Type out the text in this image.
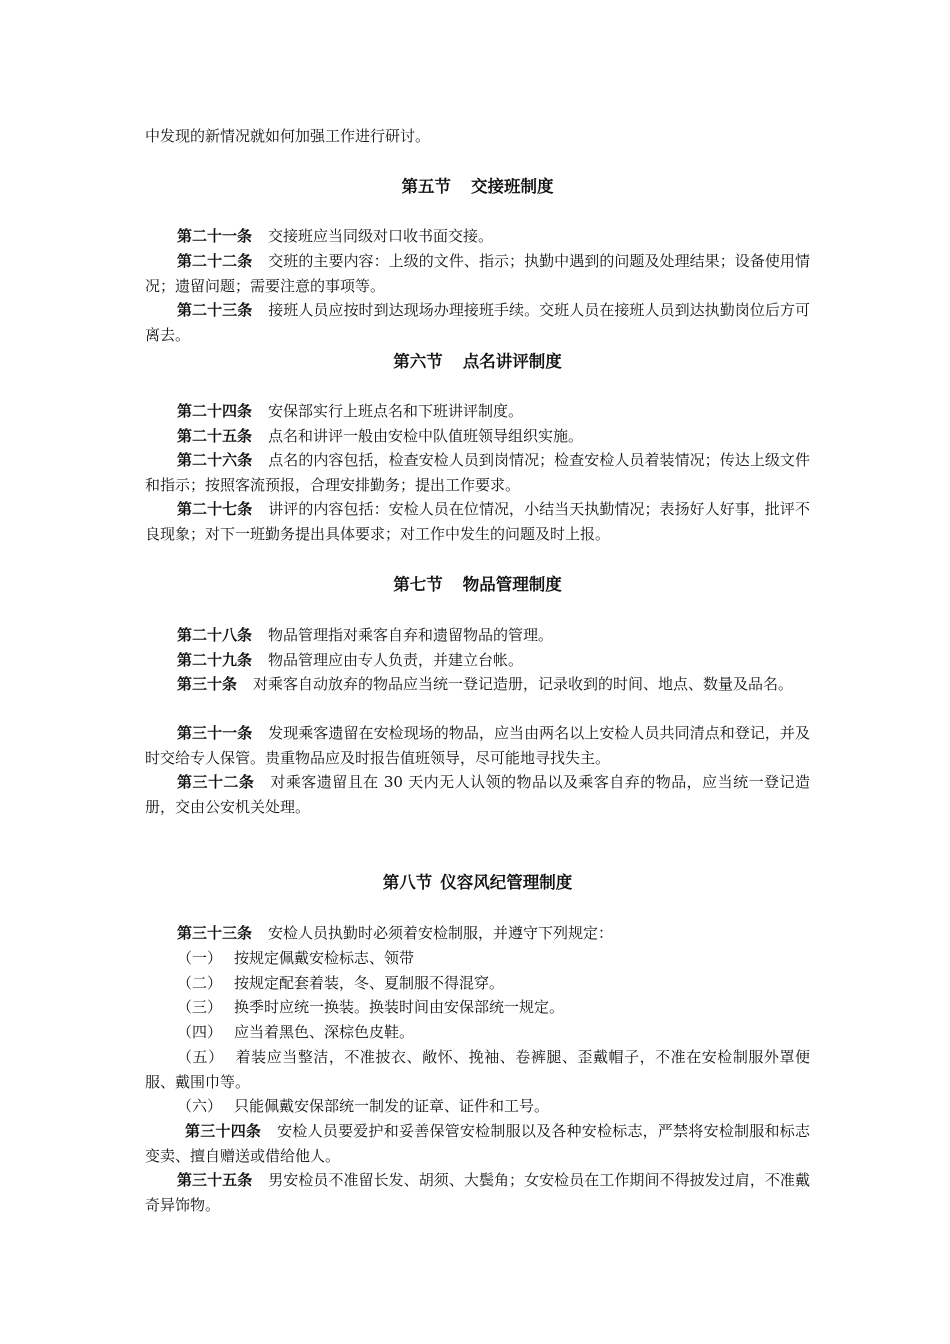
中发现的新情况就如何加强工作进行研讨。

第五节 交接班制度

第二十一条 交接班应当同级对口收书面交接。

第二十二条 交班的主要内容：上级的文件、指示；执勤中遇到的问题及处理结果；设备使用情况；遗留问题；需要注意的事项等。

第二十三条 接班人员应按时到达现场办理接班手续。交班人员在接班人员到达执勤岗位后方可离去。

第六节 点名讲评制度

第二十四条 安保部实行上班点名和下班讲评制度。

第二十五条 点名和讲评一般由安检中队值班领导组织实施。

第二十六条 点名的内容包括，检查安检人员到岗情况；检查安检人员着装情况；传达上级文件和指示；按照客流预报，合理安排勤务；提出工作要求。

第二十七条 讲评的内容包括：安检人员在位情况，小结当天执勤情况；表扬好人好事，批评不良现象；对下一班勤务提出具体要求；对工作中发生的问题及时上报。

第七节 物品管理制度

第二十八条 物品管理指对乘客自弃和遗留物品的管理。

第二十九条 物品管理应由专人负责，并建立台帐。

第三十条 对乘客自动放弃的物品应当统一登记造册，记录收到的时间、地点、数量及品名。

第三十一条 发现乘客遗留在安检现场的物品，应当由两名以上安检人员共同清点和登记，并及时交给专人保管。贵重物品应及时报告值班领导，尽可能地寻找失主。

第三十二条 对乘客遗留且在 30 天内无人认领的物品以及乘客自弃的物品，应当统一登记造册，交由公安机关处理。

第八节 仪容风纪管理制度

第三十三条 安检人员执勤时必须着安检制服，并遵守下列规定：

（一） 按规定佩戴安检标志、领带

（二） 按规定配套着装，冬、夏制服不得混穿。

（三） 换季时应统一换装。换装时间由安保部统一规定。

（四） 应当着黑色、深棕色皮鞋。

（五） 着装应当整洁，不准披衣、敞怀、挽袖、卷裤腿、歪戴帽子，不准在安检制服外罩便服、戴围巾等。

（六） 只能佩戴安保部统一制发的证章、证件和工号。

第三十四条 安检人员要爱护和妥善保管安检制服以及各种安检标志，严禁将安检制服和标志变卖、擅自赠送或借给他人。

第三十五条 男安检员不准留长发、胡须、大鬓角；女安检员在工作期间不得披发过肩，不准戴奇异饰物。
